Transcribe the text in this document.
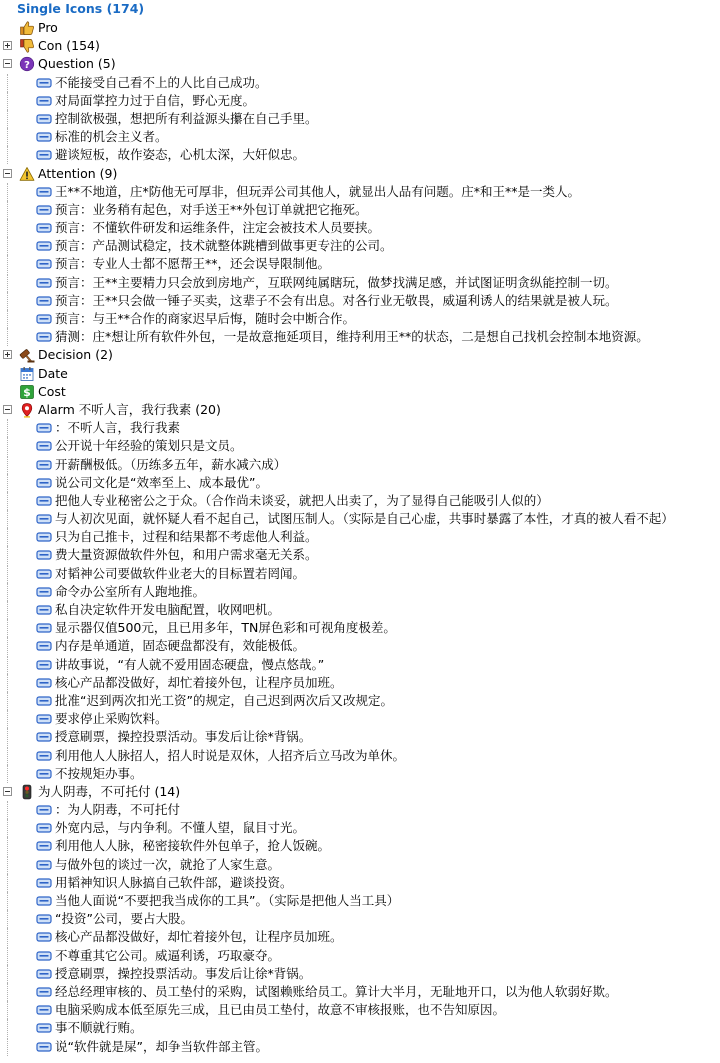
Single Icons (174)
Pro
Con (154)
? Question (5)
不能接受自己看不上的人比自己成功。
对局面掌控力过于自信，野心无度。
控制欲极强，想把所有利益源头攥在自己手里。
标准的机会主义者。
避谈短板，故作姿态，心机太深，大奸似忠。
Attention (9)
王**不地道，庄*防他无可厚非，但玩弄公司其他人，就显出人品有问题。庄*和王**是一类人。
预言：业务稍有起色，对手送王**外包订单就把它拖死。
预言：不懂软件研发和运维条件，注定会被技术人员要挟。
预言：产品测试稳定，技术就整体跳槽到做事更专注的公司。
预言：专业人士都不愿帮王**，还会误导限制他。
预言：王**主要精力只会放到房地产，互联网纯属瞎玩，做梦找满足感，并试图证明贪纵能控制一切。
预言：王**只会做一锤子买卖，这辈子不会有出息。对各行业无敬畏，威逼利诱人的结果就是被人玩。
预言：与王**合作的商家迟早后悔，随时会中断合作。
猜测：庄*想让所有软件外包，一是故意拖延项目，维持利用王**的状态，二是想自己找机会控制本地资源。
Decision (2)
Date
$ Cost
Alarm 不听人言，我行我素 (20)
：不听人言，我行我素
公开说十年经验的策划只是文员。
开薪酬极低。（历练多五年，薪水减六成）
说公司文化是“效率至上、成本最优”。
把他人专业秘密公之于众。（合作尚未谈妥，就把人出卖了，为了显得自己能吸引人似的）
与人初次见面，就怀疑人看不起自己，试图压制人。（实际是自己心虚，共事时暴露了本性，才真的被人看不起）
只为自己推卡，过程和结果都不考虑他人利益。
费大量资源做软件外包，和用户需求毫无关系。
对韬神公司要做软件业老大的目标置若罔闻。
命令办公室所有人跑地推。
私自决定软件开发电脑配置，收网吧机。
显示器仅值500元，且已用多年，TN屏色彩和可视角度极差。
内存是单通道，固态硬盘都没有，效能极低。
讲故事说，“有人就不爱用固态硬盘，慢点悠哉。”
核心产品都没做好，却忙着接外包，让程序员加班。
批准“迟到两次扣光工资”的规定，自己迟到两次后又改规定。
要求停止采购饮料。
授意刷票，操控投票活动。事发后让徐*背锅。
利用他人人脉招人，招人时说是双休，人招齐后立马改为单休。
不按规矩办事。
为人阴毒，不可托付 (14)
：为人阴毒，不可托付
外宽内忌，与内争利。不懂人望，鼠目寸光。
利用他人人脉，秘密接软件外包单子，抢人饭碗。
与做外包的谈过一次，就抢了人家生意。
用韬神知识人脉搞自己软件部，避谈投资。
当他人面说“不要把我当成你的工具”。（实际是把他人当工具）
“投资”公司，要占大股。
核心产品都没做好，却忙着接外包，让程序员加班。
不尊重其它公司。威逼利诱，巧取豪夺。
授意刷票，操控投票活动。事发后让徐*背锅。
经总经理审核的、员工垫付的采购，试图赖账给员工。算计大半月，无耻地开口，以为他人软弱好欺。
电脑采购成本低至原先三成，且已由员工垫付，故意不审核报账，也不告知原因。
事不顺就行贿。
说“软件就是屎”，却争当软件部主管。
